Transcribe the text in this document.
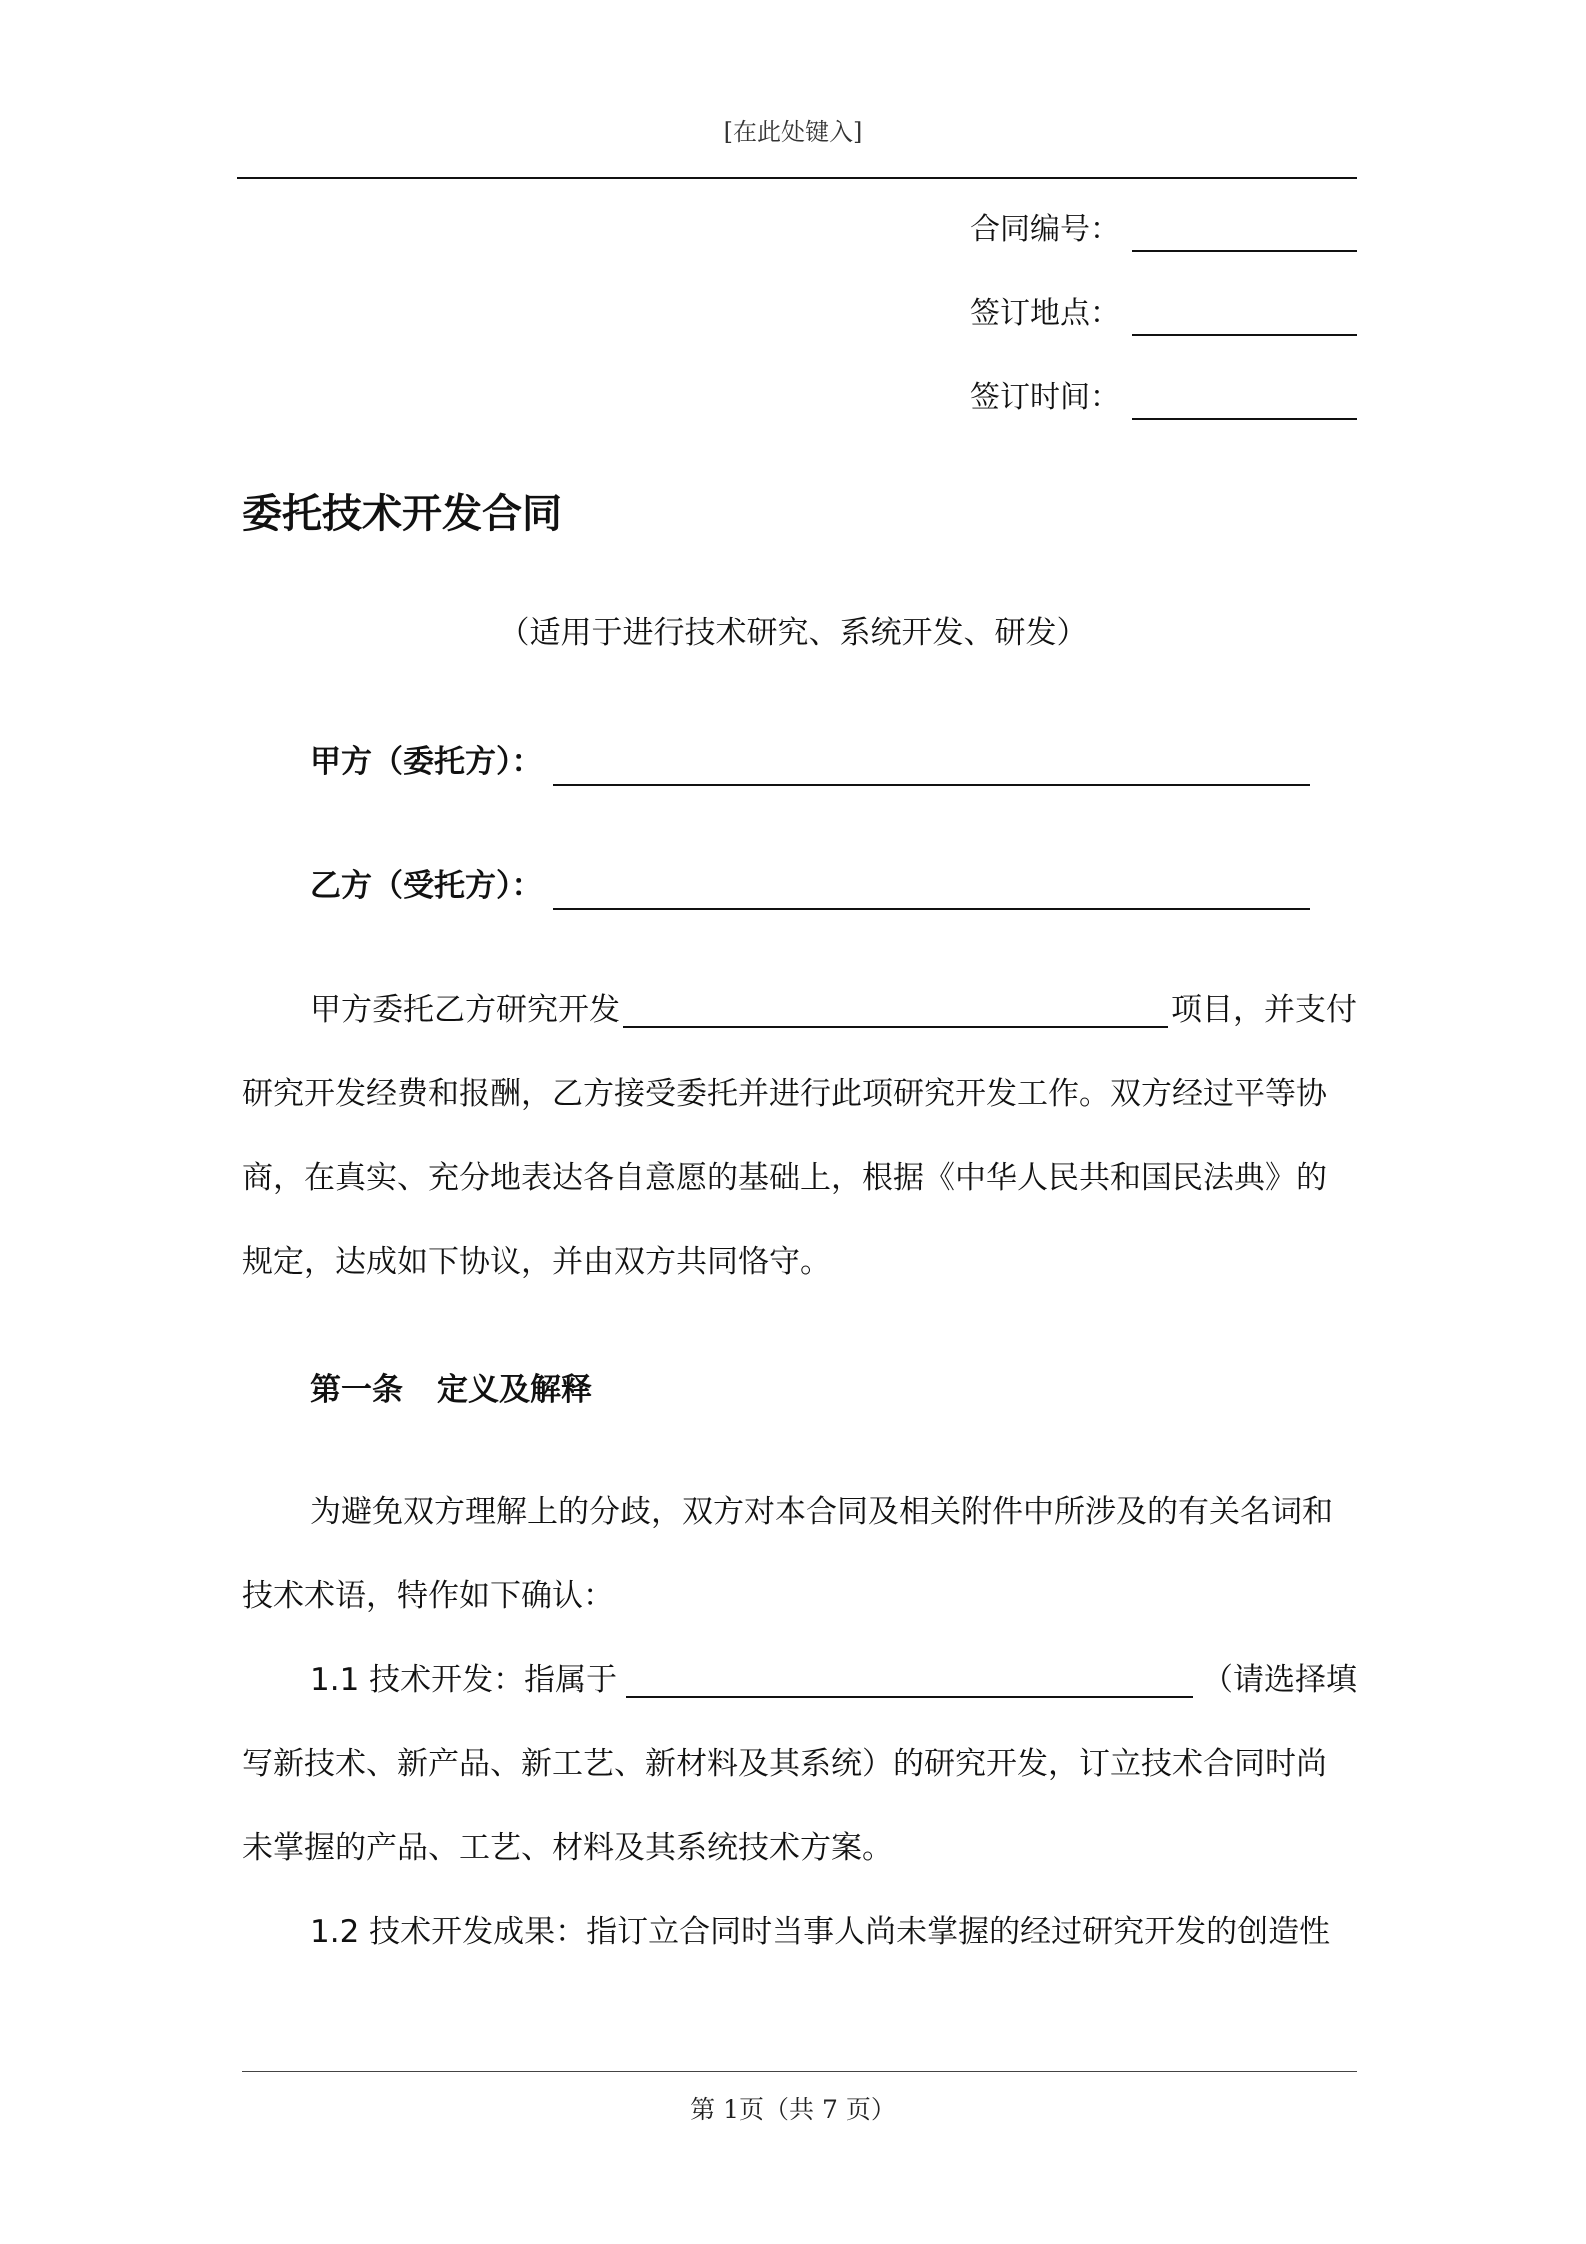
[在此处键入]
合同编号：
签订地点：
签订时间：
委托技术开发合同
（适用于进行技术研究、系统开发、研发）
甲方（委托方）：
乙方（受托方）：
甲方委托乙方研究开发	项目，并支付
研究开发经费和报酬，乙方接受委托并进行此项研究开发工作。双方经过平等协
商，在真实、充分地表达各自意愿的基础上，根据《中华人民共和国民法典》的
规定，达成如下协议，并由双方共同恪守。
第一条 定义及解释
为避免双方理解上的分歧，双方对本合同及相关附件中所涉及的有关名词和
技术术语，特作如下确认：
1.1 技术开发：指属于	（请选择填
写新技术、新产品、新工艺、新材料及其系统）的研究开发，订立技术合同时尚
未掌握的产品、工艺、材料及其系统技术方案。
1.2 技术开发成果：指订立合同时当事人尚未掌握的经过研究开发的创造性
第 1页（共 7 页）
